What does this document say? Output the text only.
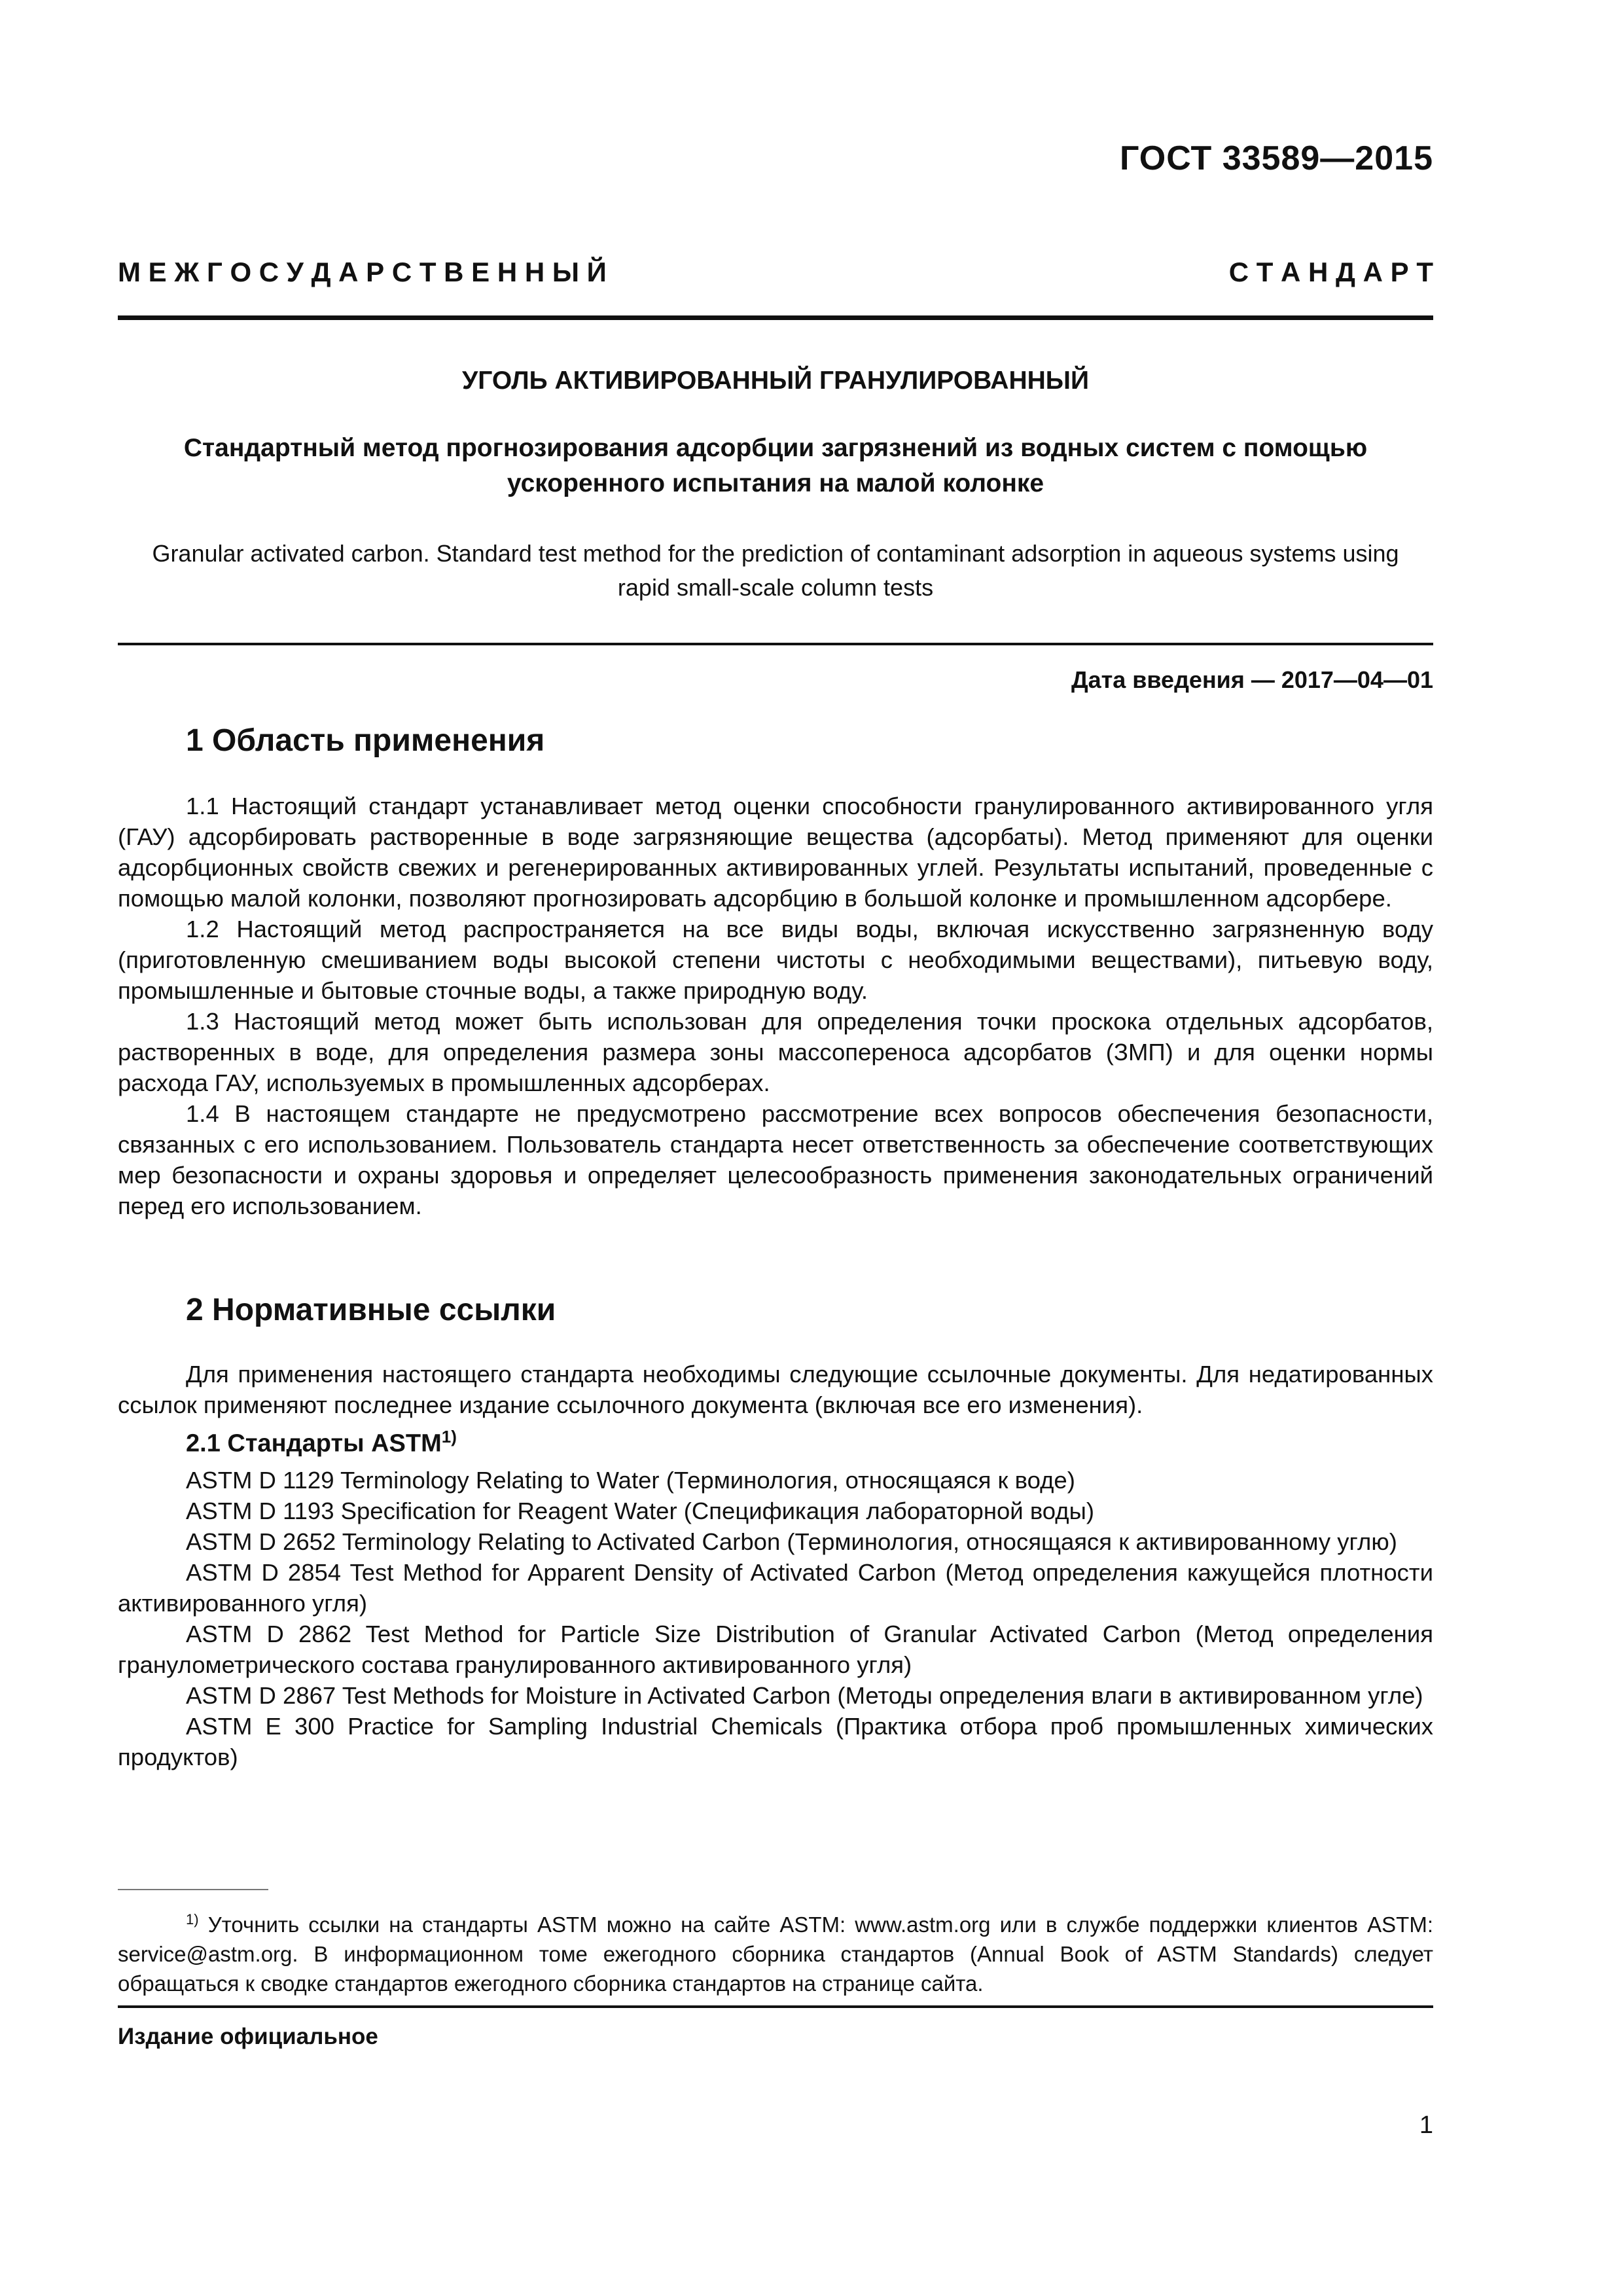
ГОСТ 33589—2015
М Е Ж Г О С У Д А Р С Т В Е Н Н Ы Й	С Т А Н Д А Р Т
УГОЛЬ АКТИВИРОВАННЫЙ ГРАНУЛИРОВАННЫЙ
Стандартный метод прогнозирования адсорбции загрязнений из водных систем с помощью
ускоренного испытания на малой колонке
Granular activated carbon. Standard test method for the prediction of contaminant adsorption in aqueous systems using
rapid small-scale column tests
Дата введения — 2017—04—01
1 Область применения

1.1 Настоящий стандарт устанавливает метод оценки способности гранулированного активированного угля (ГАУ) адсорбировать растворенные в воде загрязняющие вещества (адсорбаты). Метод применяют для оценки адсорбционных свойств свежих и регенерированных активированных углей. Результаты испытаний, проведенные с помощью малой колонки, позволяют прогнозировать адсорбцию в большой колонке и промышленном адсорбере.

1.2 Настоящий метод распространяется на все виды воды, включая искусственно загрязненную воду (приготовленную смешиванием воды высокой степени чистоты с необходимыми веществами), питьевую воду, промышленные и бытовые сточные воды, а также природную воду.

1.3 Настоящий метод может быть использован для определения точки проскока отдельных адсорбатов, растворенных в воде, для определения размера зоны массопереноса адсорбатов (ЗМП) и для оценки нормы расхода ГАУ, используемых в промышленных адсорберах.

1.4 В настоящем стандарте не предусмотрено рассмотрение всех вопросов обеспечения безопасности, связанных с его использованием. Пользователь стандарта несет ответственность за обеспечение соответствующих мер безопасности и охраны здоровья и определяет целесообразность применения законодательных ограничений перед его использованием.

2 Нормативные ссылки

Для применения настоящего стандарта необходимы следующие ссылочные документы. Для недатированных ссылок применяют последнее издание ссылочного документа (включая все его изменения).

2.1 Стандарты ASTM$^{1)}$

ASTM D 1129 Terminology Relating to Water (Терминология, относящаяся к воде)

ASTM D 1193 Specification for Reagent Water (Спецификация лабораторной воды)

ASTM D 2652 Terminology Relating to Activated Carbon (Терминология, относящаяся к активированному углю)

ASTM D 2854 Test Method for Apparent Density of Activated Carbon (Метод определения кажущейся плотности активированного угля)

ASTM D 2862 Test Method for Particle Size Distribution of Granular Activated Carbon (Метод определения гранулометрического состава гранулированного активированного угля)

ASTM D 2867 Test Methods for Moisture in Activated Carbon (Методы определения влаги в активированном угле)

ASTM E 300 Practice for Sampling Industrial Chemicals (Практика отбора проб промышленных химических продуктов)

$^{1)}$ Уточнить ссылки на стандарты ASTM можно на сайте ASTM: www.astm.org или в службе поддержки клиентов ASTM: service@astm.org. В информационном томе ежегодного сборника стандартов (Annual Book of ASTM Standards) следует обращаться к сводке стандартов ежегодного сборника стандартов на странице сайта.

Издание официальное
1
